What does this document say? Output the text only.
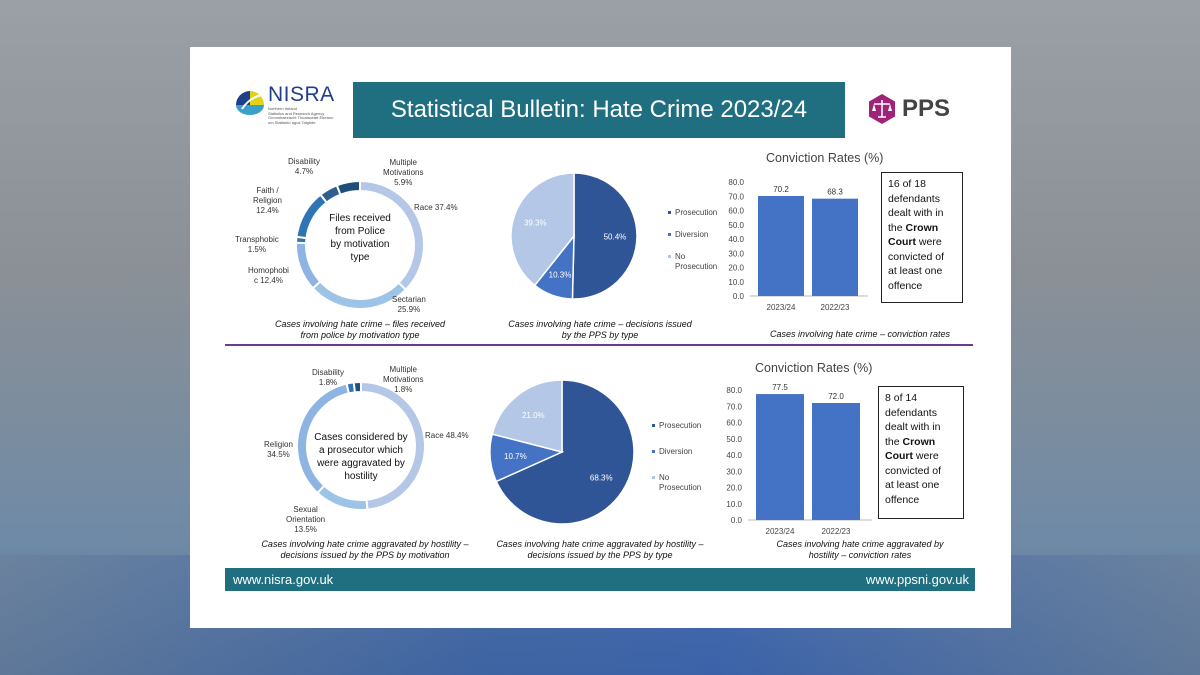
NISRA
Northern Ireland
Statistics and Research Agency
Gníomhaireacht Thuaisceart Éireann
um Staitisticí agus Taighde	Statistical Bulletin: Hate Crime 2023/24	PPS
Files received
from Police
by motivation
type
Race 37.4%
Sectarian
25.9%
Homophobi
c 12.4%
Transphobic
1.5%
Faith /
Religion
12.4%
Disability
4.7%
Multiple
Motivations
5.9%
Cases involving hate crime – files received
from police by motivation type
50.4%
10.3%
39.3%
Prosecution
Diversion
No
Prosecution
Cases involving hate crime – decisions issued
by the PPS by type
Conviction Rates (%)
0.0
10.0
20.0
30.0
40.0
50.0
60.0
70.0
80.0
70.2
2023/24
68.3
2022/23
16 of 18
defendants
dealt with in
the Crown
Court were
convicted of
at least one
offence
Cases involving hate crime – conviction rates
Cases considered by
a prosecutor which
were aggravated by
hostility
Race 48.4%
Sexual
Orientation
13.5%
Religion
34.5%
Disability
1.8%
Multiple
Motivations
1.8%
Cases involving hate crime aggravated by hostility –
decisions issued by the PPS by motivation
68.3%
10.7%
21.0%
Prosecution
Diversion
No
Prosecution
Cases involving hate crime aggravated by hostility –
decisions issued by the PPS by type
Conviction Rates (%)
0.0
10.0
20.0
30.0
40.0
50.0
60.0
70.0
80.0	77.5
2023/24
72.0
2022/23
8 of 14
defendants
dealt with in
the Crown
Court were
convicted of
at least one
offence
Cases involving hate crime aggravated by
hostility – conviction rates
www.nisra.gov.uk	www.ppsni.gov.uk
